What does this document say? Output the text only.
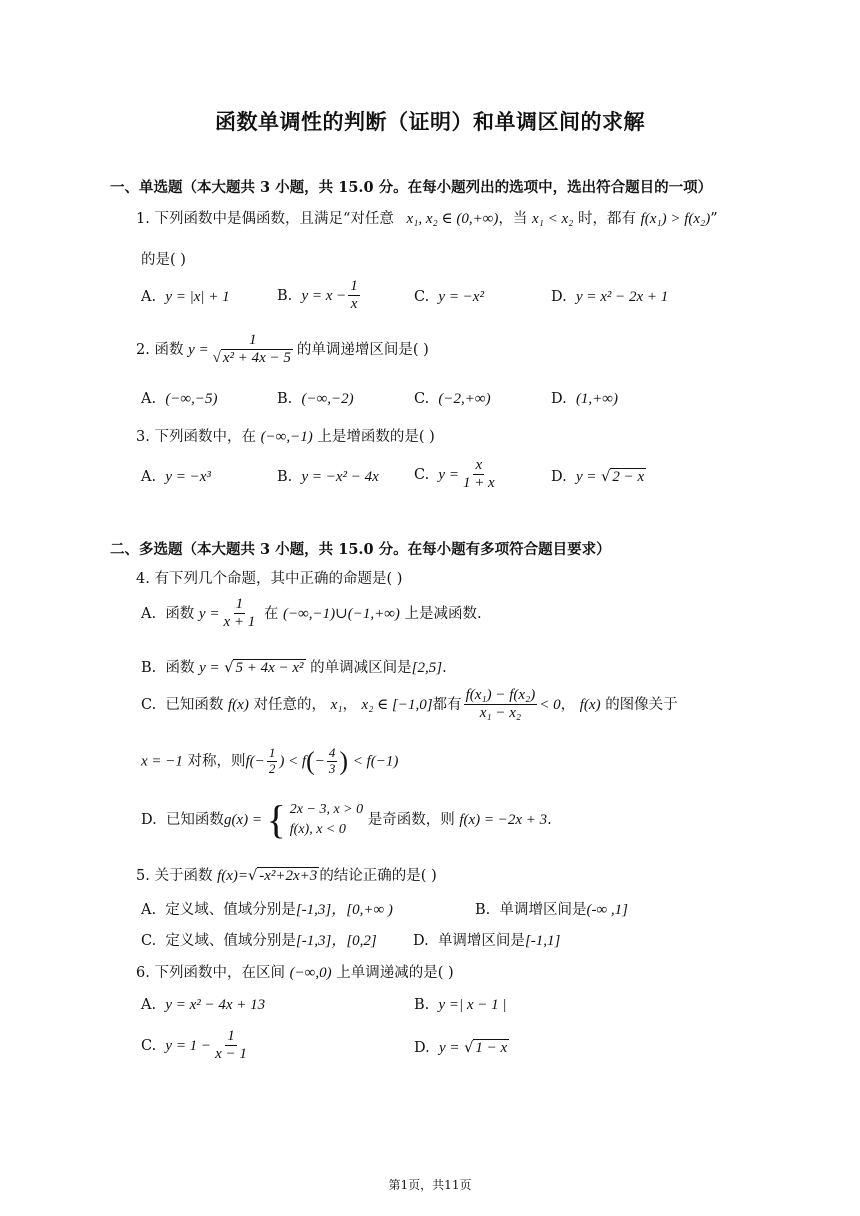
函数单调性的判断（证明）和单调区间的求解
一、单选题（本大题共 3 小题，共 15.0 分。在每小题列出的选项中，选出符合题目的一项）
1. 下列函数中是偶函数，且满足“对任意 x₁, x₂ ∈ (0,+∞)，当 x₁ < x₂ 时，都有 f(x₁) > f(x₂)”
的是( )
A. y = |x| + 1	B. $y = x - \frac{1}{x}$	C. y = −x²	D. y = x² − 2x + 1
2. 函数 $y = \frac{1}{\text{√ x² + 4x − 5}}$ 的单调递增区间是( )
A. (−∞,−5)	B. (−∞,−2)	C. (−2,+∞)	D. (1,+∞)
3. 下列函数中，在 (−∞,−1) 上是增函数的是( )
A. y = −x³	B. y = −x² − 4x C. $y = \frac{x}{1 + x}$	D. y = √ 2 − x
二、多选题（本大题共 3 小题，共 15.0 分。在每小题有多项符合题目要求）
4. 有下列几个命题，其中正确的命题是( )
A. 函数 $y = \frac{1}{x + 1}$ 在 (−∞,−1)∪(−1,+∞) 上是减函数.
B. 函数 y = √ 5 + 4x − x² 的单调减区间是[2,5].
C. 已知函数 f(x) 对任意的， x₁， x₂ ∈ [−1,0]都有 $\frac{\text{f(x₁) − f(x₂)}}{\text{x₁ − x₂}} < 0$， f(x) 的图像关于
x = −1 对称，则$f(- \frac{1}{2}$ ) < $f(- \frac{4}{3}$ ) < f(−1)
D. 已知函数g(x) = { 2x − 3, x > 0
f(x), x < 0
是奇函数，则 f(x) = −2x + 3.
5. 关于函数 f(x)=√ -x²+2x+3 的结论正确的是( )
A. 定义域、值域分别是[-1,3]，[0,+∞ )	B. 单调增区间是(-∞ ,1]
C. 定义域、值域分别是[-1,3]，[0,2] D. 单调增区间是[-1,1]
6. 下列函数中，在区间 (−∞,0) 上单调递减的是( )
A. y = x² − 4x + 13	B. y =| x − 1 |
C. $y = 1 - \frac{1}{x - 1}$	D. y = √ 1 − x
第1页，共11页
